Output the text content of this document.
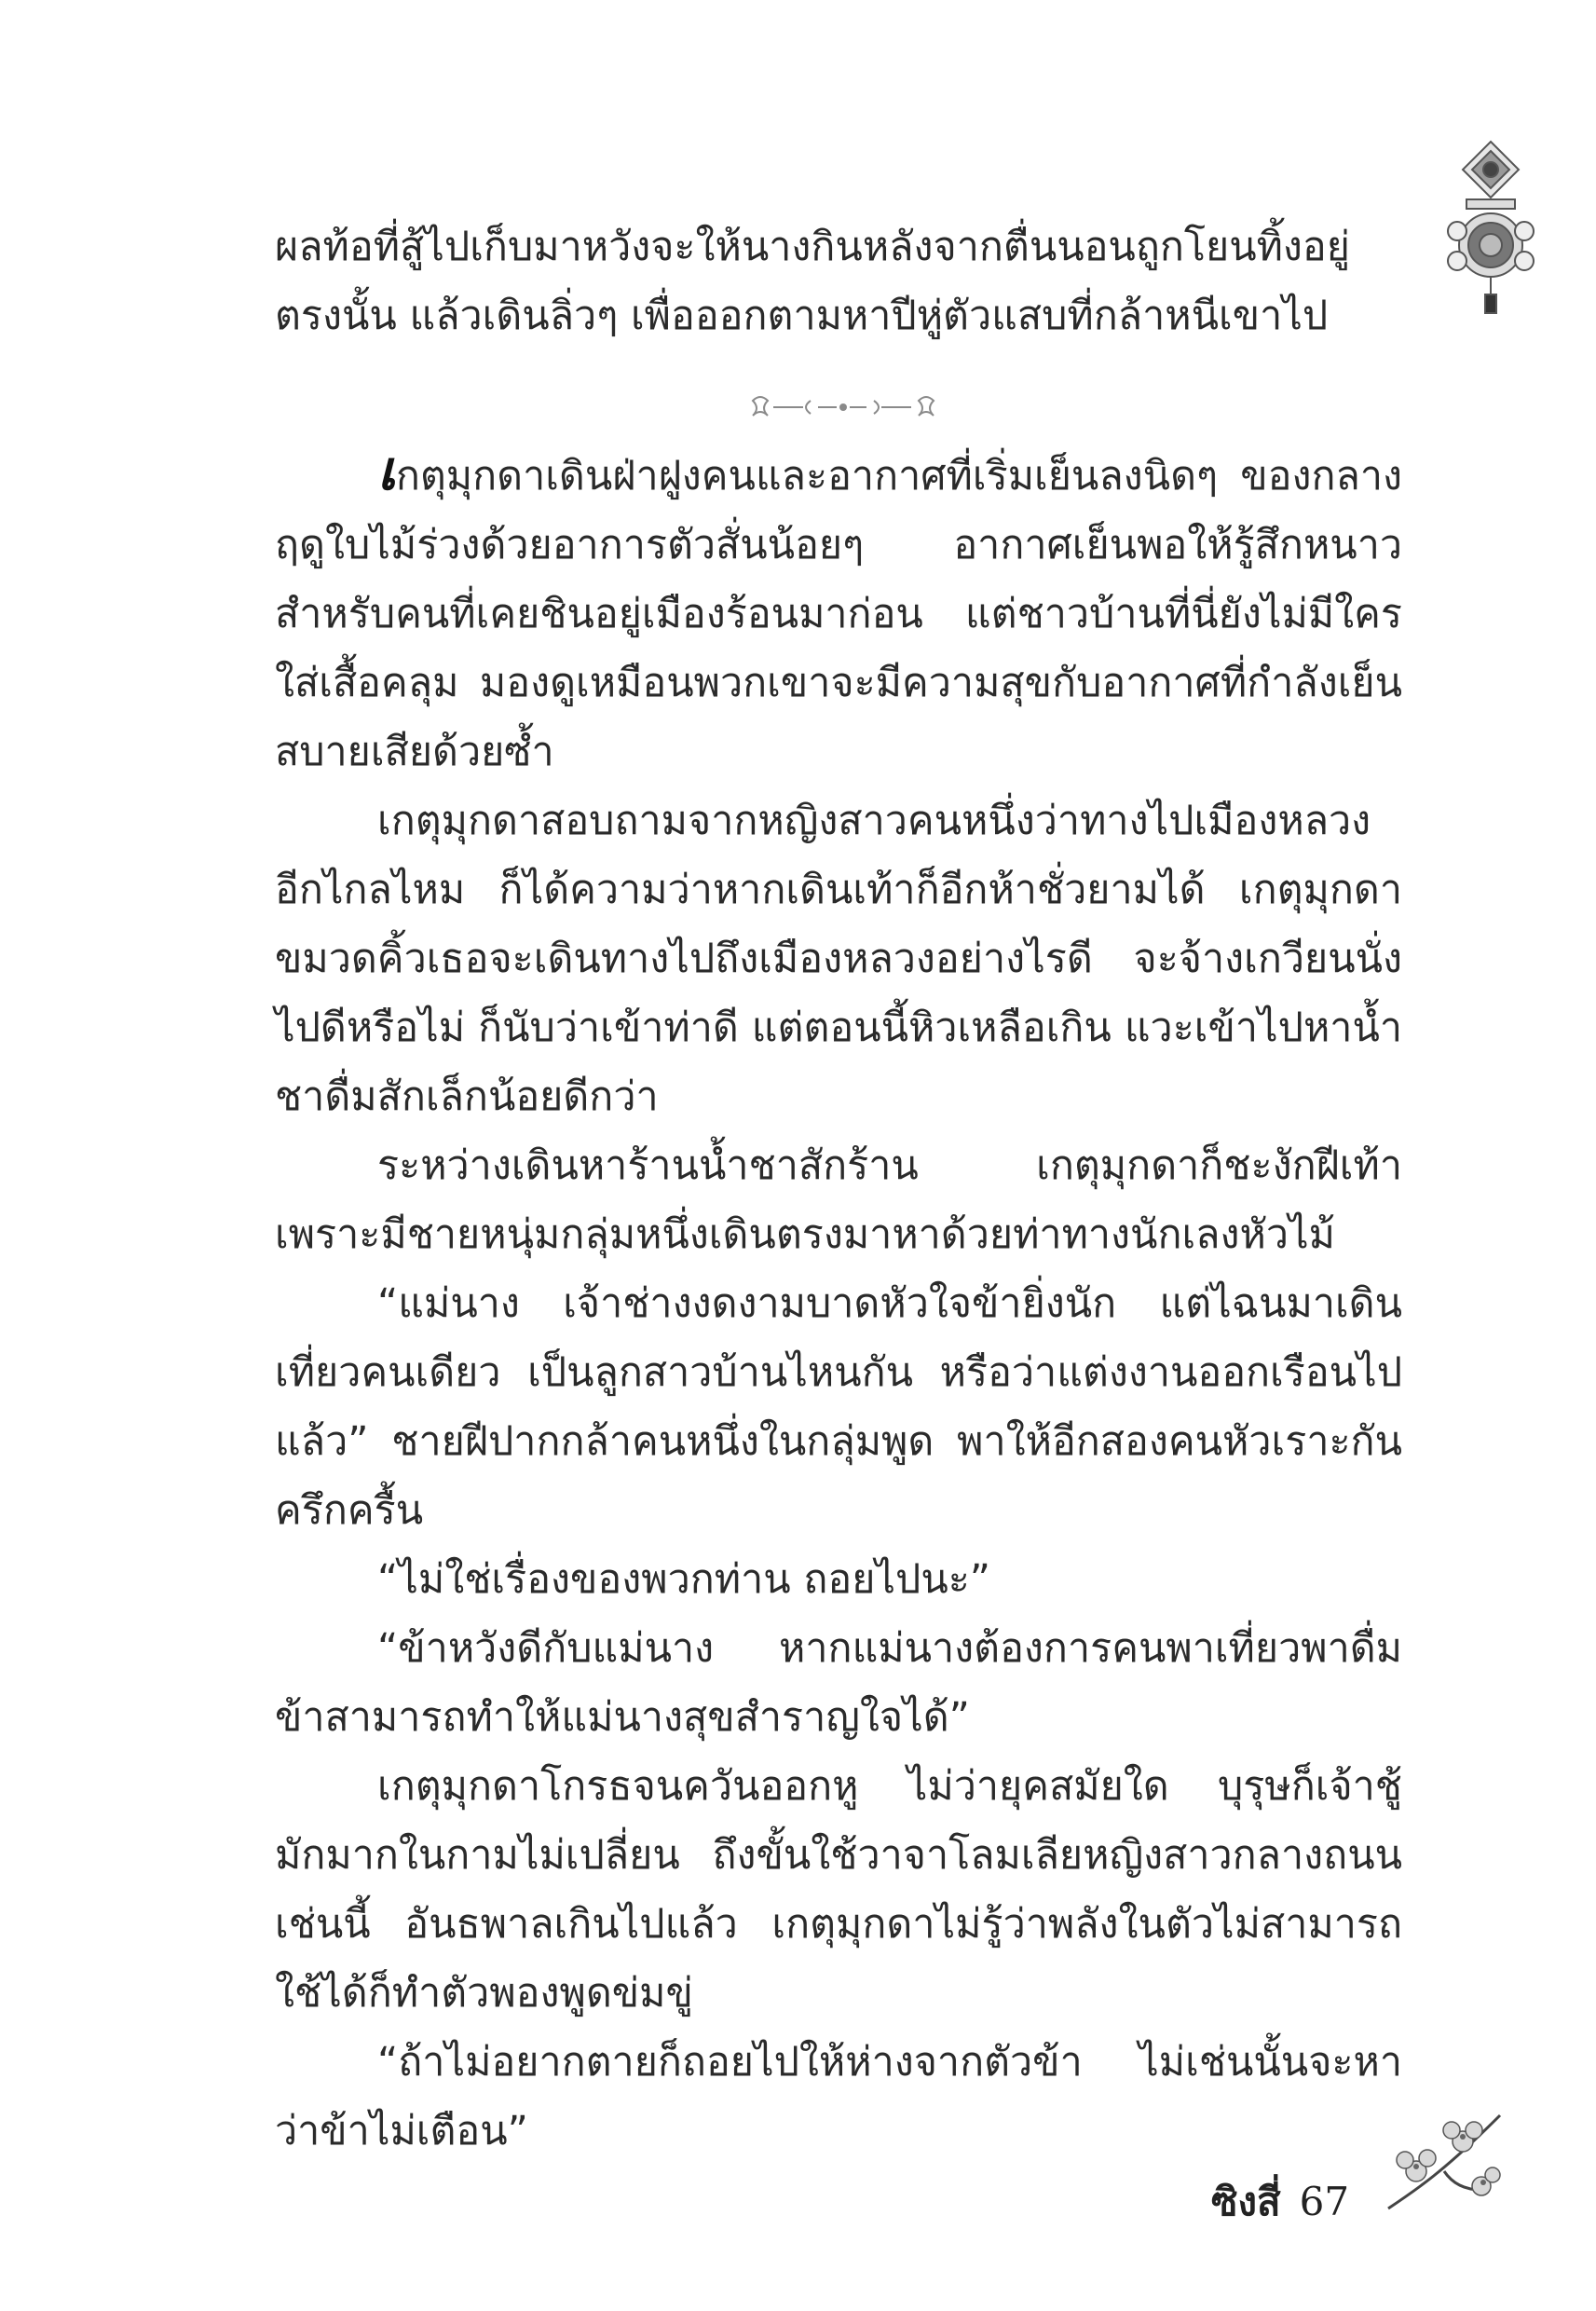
ผลท้อที่สู้ไปเก็บมาหวังจะให้นางกินหลังจากตื่นนอนถูกโยนทิ้งอยู่ตรงนั้น แล้วเดินลิ่วๆ เพื่อออกตามหาปีหู่ตัวแสบที่กล้าหนีเขาไป

เกตุมุกดาเดินฝ่าฝูงคนและอากาศที่เริ่มเย็นลงนิดๆ ของกลางฤดูใบไม้ร่วงด้วยอาการตัวสั่นน้อยๆ อากาศเย็นพอให้รู้สึกหนาวสำหรับคนที่เคยชินอยู่เมืองร้อนมาก่อน แต่ชาวบ้านที่นี่ยังไม่มีใครใส่เสื้อคลุม มองดูเหมือนพวกเขาจะมีความสุขกับอากาศที่กำลังเย็นสบายเสียด้วยซ้ำ

เกตุมุกดาสอบถามจากหญิงสาวคนหนึ่งว่าทางไปเมืองหลวงอีกไกลไหม ก็ได้ความว่าหากเดินเท้าก็อีกห้าชั่วยามได้ เกตุมุกดาขมวดคิ้วเธอจะเดินทางไปถึงเมืองหลวงอย่างไรดี จะจ้างเกวียนนั่งไปดีหรือไม่ ก็นับว่าเข้าท่าดี แต่ตอนนี้หิวเหลือเกิน แวะเข้าไปหาน้ำชาดื่มสักเล็กน้อยดีกว่า

ระหว่างเดินหาร้านน้ำชาสักร้าน เกตุมุกดาก็ชะงักฝีเท้า เพราะมีชายหนุ่มกลุ่มหนึ่งเดินตรงมาหาด้วยท่าทางนักเลงหัวไม้

“แม่นาง เจ้าช่างงดงามบาดหัวใจข้ายิ่งนัก แต่ไฉนมาเดินเที่ยวคนเดียว เป็นลูกสาวบ้านไหนกัน หรือว่าแต่งงานออกเรือนไปแล้ว” ชายฝีปากกล้าคนหนึ่งในกลุ่มพูด พาให้อีกสองคนหัวเราะกันครึกครื้น

“ไม่ใช่เรื่องของพวกท่าน ถอยไปนะ”

“ข้าหวังดีกับแม่นาง หากแม่นางต้องการคนพาเที่ยวพาดื่ม ข้าสามารถทำให้แม่นางสุขสำราญใจได้”

เกตุมุกดาโกรธจนควันออกหู ไม่ว่ายุคสมัยใด บุรุษก็เจ้าชู้ มักมากในกามไม่เปลี่ยน ถึงขั้นใช้วาจาโลมเลียหญิงสาวกลางถนนเช่นนี้ อันธพาลเกินไปแล้ว เกตุมุกดาไม่รู้ว่าพลังในตัวไม่สามารถใช้ได้ก็ทำตัวพองพูดข่มขู่

“ถ้าไม่อยากตายก็ถอยไปให้ห่างจากตัวข้า ไม่เช่นนั้นจะหาว่าข้าไม่เตือน”

ซิงสี่ 67
